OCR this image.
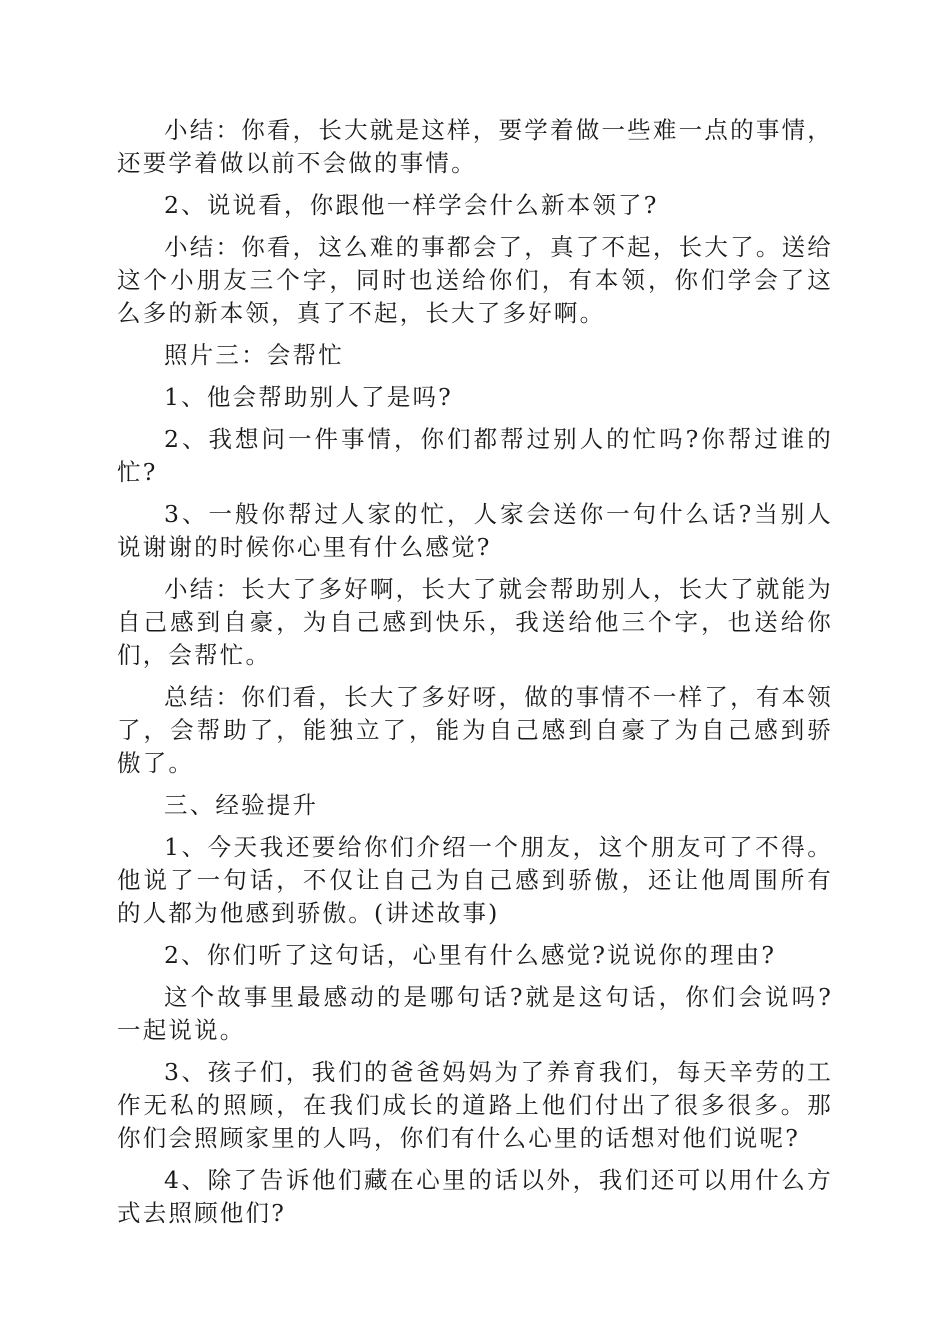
小结：你看，长大就是这样，要学着做一些难一点的事情，还要学着做以前不会做的事情。

2、说说看，你跟他一样学会什么新本领了?

小结：你看，这么难的事都会了，真了不起，长大了。送给这个小朋友三个字，同时也送给你们，有本领，你们学会了这么多的新本领，真了不起，长大了多好啊。

照片三：会帮忙

1、他会帮助别人了是吗?

2、我想问一件事情，你们都帮过别人的忙吗?你帮过谁的忙?

3、一般你帮过人家的忙，人家会送你一句什么话?当别人说谢谢的时候你心里有什么感觉?

小结：长大了多好啊，长大了就会帮助别人，长大了就能为自己感到自豪，为自己感到快乐，我送给他三个字，也送给你们，会帮忙。

总结：你们看，长大了多好呀，做的事情不一样了，有本领了，会帮助了，能独立了，能为自己感到自豪了为自己感到骄傲了。

三、经验提升

1、今天我还要给你们介绍一个朋友，这个朋友可了不得。他说了一句话，不仅让自己为自己感到骄傲，还让他周围所有的人都为他感到骄傲。(讲述故事)

2、你们听了这句话，心里有什么感觉?说说你的理由?

这个故事里最感动的是哪句话?就是这句话，你们会说吗?一起说说。

3、孩子们，我们的爸爸妈妈为了养育我们，每天辛劳的工作无私的照顾，在我们成长的道路上他们付出了很多很多。那你们会照顾家里的人吗，你们有什么心里的话想对他们说呢?

4、除了告诉他们藏在心里的话以外，我们还可以用什么方式去照顾他们?
